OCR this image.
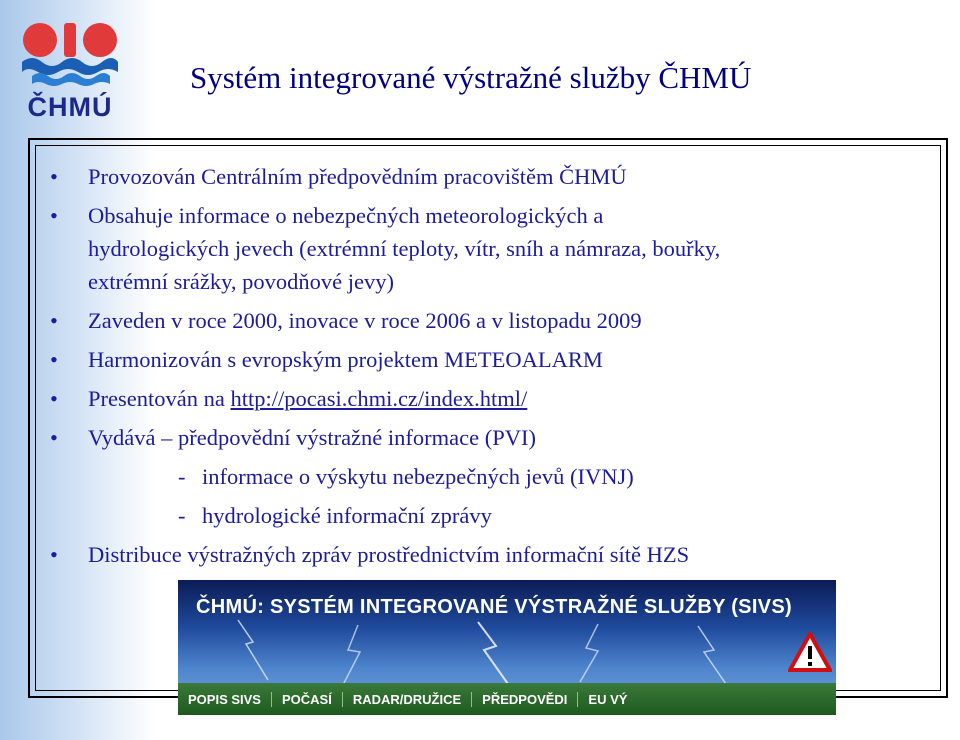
ČHMÚ
Systém integrované výstražné služby ČHMÚ
• Provozován Centrálním předpovědním pracovištěm ČHMÚ
• Obsahuje informace o nebezpečných meteorologických a
hydrologických jevech (extrémní teploty, vítr, sníh a námraza, bouřky,
extrémní srážky, povodňové jevy)
• Zaveden v roce 2000, inovace v roce 2006 a v listopadu 2009
• Harmonizován s evropským projektem METEOALARM
• Presentován na http://pocasi.chmi.cz/index.html/
• Vydává – předpovědní výstražné informace (PVI)
- informace o výskytu nebezpečných jevů (IVNJ)
- hydrologické informační zprávy
• Distribuce výstražných zpráv prostřednictvím informační sítě HZS
ČHMÚ: SYSTÉM INTEGROVANÉ VÝSTRAŽNÉ SLUŽBY (SIVS)
POPIS SIVS	POČASÍ	RADAR/DRUŽICE	PŘEDPOVĚDI	EU VÝ
